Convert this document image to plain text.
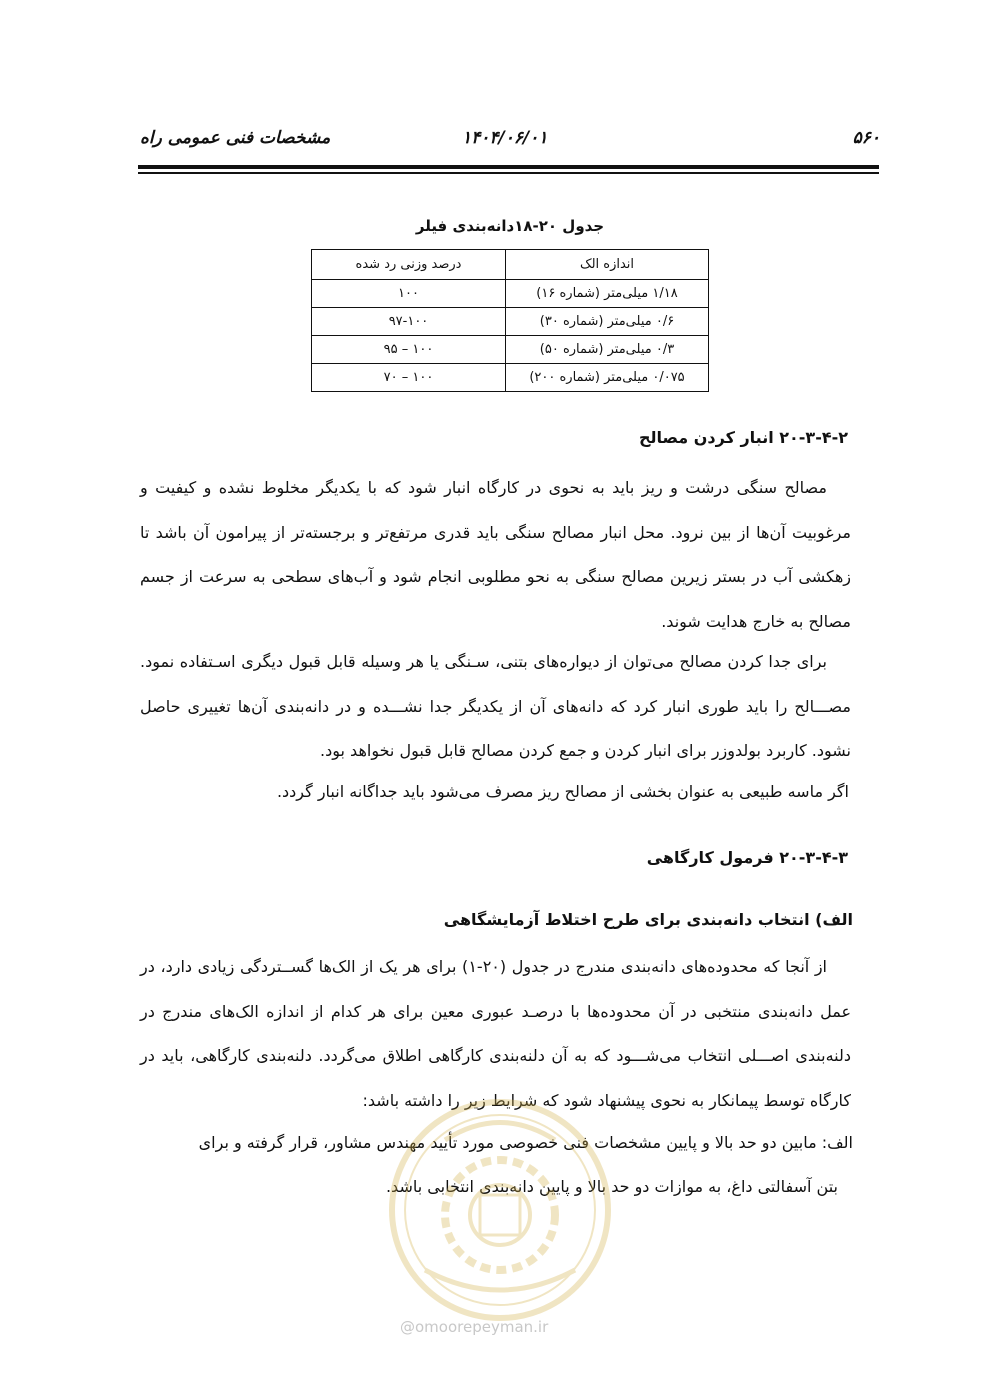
۵۶۰
۱۴۰۴/۰۶/۰۱
مشخصات فنی عمومی راه
جدول ۲۰-۱۸دانه‌بندی فیلر
اندازه الک	درصد وزنی رد شده
۱/۱۸ میلی‌متر (شماره ۱۶)	۱۰۰
۰/۶ میلی‌متر (شماره ۳۰)	۹۷-۱۰۰
۰/۳ میلی‌متر (شماره ۵۰)	۱۰۰ – ۹۵
۰/۰۷۵ میلی‌متر (شماره ۲۰۰)	۱۰۰ – ۷۰
۲۰-۳-۴-۲ انبار کردن مصالح
مصالح سنگی درشت و ریز باید به نحوی در کارگاه انبار شود که با یکدیگر مخلوط نشده و کیفیت و مرغوبیت آن‌ها از بین نرود. محل انبار مصالح سنگی باید قدری مرتفع‌تر و برجسته‌تر از پیرامون آن باشد تا زهکشی آب در بستر زیرین مصالح سنگی به نحو مطلوبی انجام شود و آب‌های سطحی به سرعت از جسم مصالح به خارج هدایت شوند.
برای جدا کردن مصالح می‌توان از دیواره‌های بتنی، سـنگی یا هر وسیله قابل قبول دیگری اسـتفاده نمود. مصـــالح را باید طوری انبار کرد که دانه‌های آن از یکدیگر جدا نشـــده و در دانه‌بندی آن‌ها تغییری حاصل نشود. کاربرد بولدوزر برای انبار کردن و جمع کردن مصالح قابل قبول نخواهد بود.
اگر ماسه طبیعی به عنوان بخشی از مصالح ریز مصرف می‌شود باید جداگانه انبار گردد.
۲۰-۳-۴-۳ فرمول کارگاهی
الف) انتخاب دانه‌بندی برای طرح اختلاط آزمایشگاهی
از آنجا که محدوده‌های دانه‌بندی مندرج در جدول (۲۰-۱) برای هر یک از الک‌ها گســتردگی زیادی دارد، در عمل دانه‌بندی منتخبی در آن محدوده‌ها با درصـد عبوری معین برای هر کدام از اندازه الک‌های مندرج در دلنه‌بندی اصـــلی انتخاب می‌شـــود که به آن دلنه‌بندی کارگاهی اطلاق می‌گردد. دلنه‌بندی کارگاهی، باید در کارگاه توسط پیمانکار به نحوی پیشنهاد شود که شرایط زیر را داشته باشد:
الف: مابین دو حد بالا و پایین مشخصات فنی خصوصی مورد تأیید مهندس مشاور، قرار گرفته و برای
بتن آسفالتی داغ، به موازات دو حد بالا و پایین دانه‌بندی انتخابی باشد.
@omoorepeyman.ir
